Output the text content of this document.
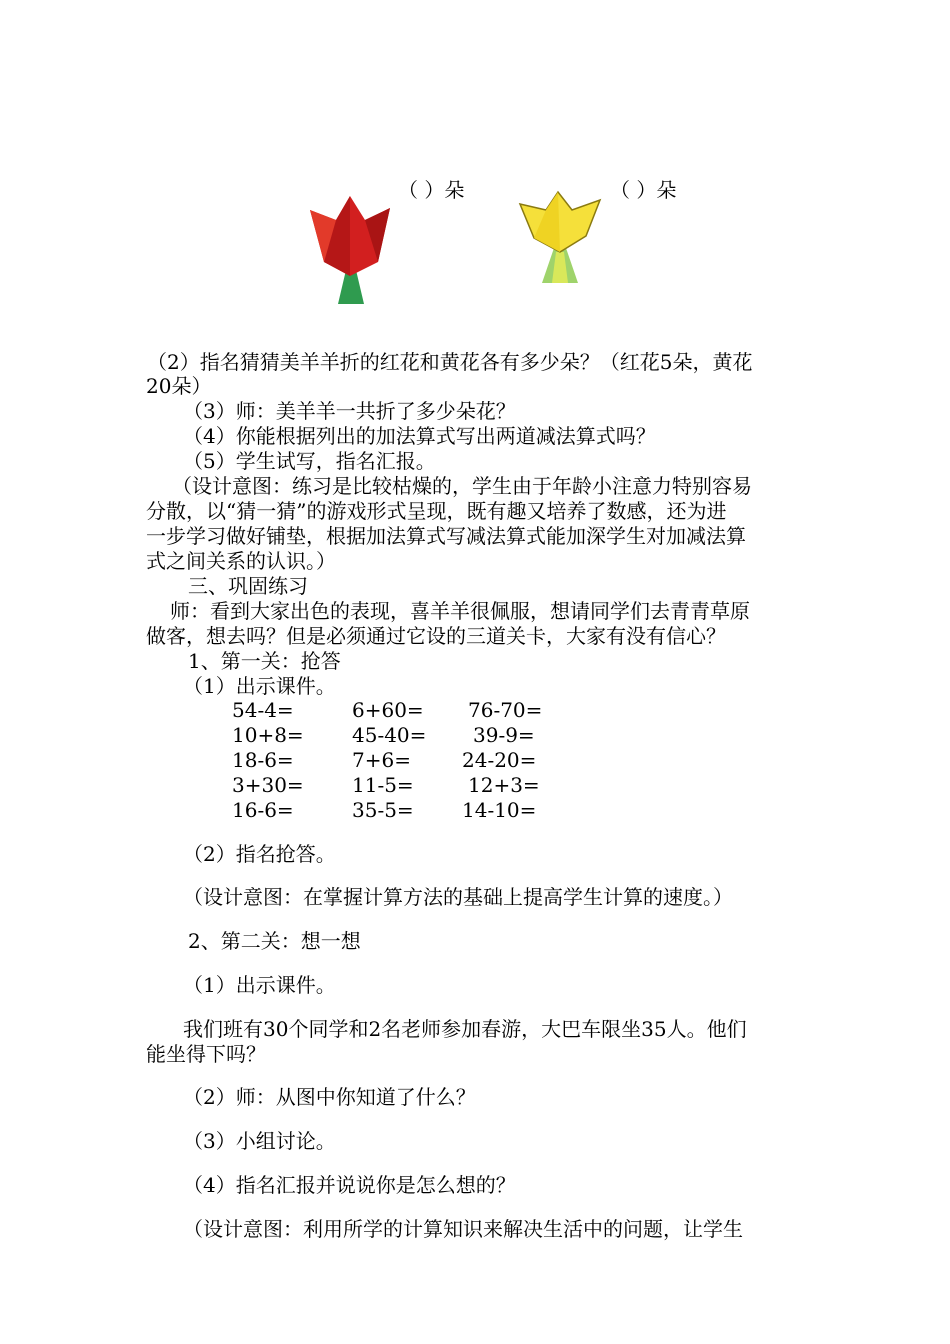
（ ）朵	（ ）朵
（2）指名猜猜美羊羊折的红花和黄花各有多少朵？（红花5朵，黄花
20朵）
（3）师：美羊羊一共折了多少朵花？
（4）你能根据列出的加法算式写出两道减法算式吗？
（5）学生试写，指名汇报。
（设计意图：练习是比较枯燥的，学生由于年龄小注意力特别容易
分散，以“猜一猜”的游戏形式呈现，既有趣又培养了数感，还为进
一步学习做好铺垫，根据加法算式写减法算式能加深学生对加减法算
式之间关系的认识。）
三、巩固练习
师：看到大家出色的表现，喜羊羊很佩服，想请同学们去青青草原
做客，想去吗？但是必须通过它设的三道关卡，大家有没有信心？
1、第一关：抢答
（1）出示课件。
54-4=	6+60= 76-70=
10+8= 45-40= 39-9=
18-6=	7+6=	24-20=
3+30= 11-5=	12+3=
16-6=	35-5= 14-10=
（2）指名抢答。
（设计意图：在掌握计算方法的基础上提高学生计算的速度。）
2、第二关：想一想
（1）出示课件。
我们班有30个同学和2名老师参加春游，大巴车限坐35人。他们
能坐得下吗？
（2）师：从图中你知道了什么？
（3）小组讨论。
（4）指名汇报并说说你是怎么想的？
（设计意图：利用所学的计算知识来解决生活中的问题，让学生
